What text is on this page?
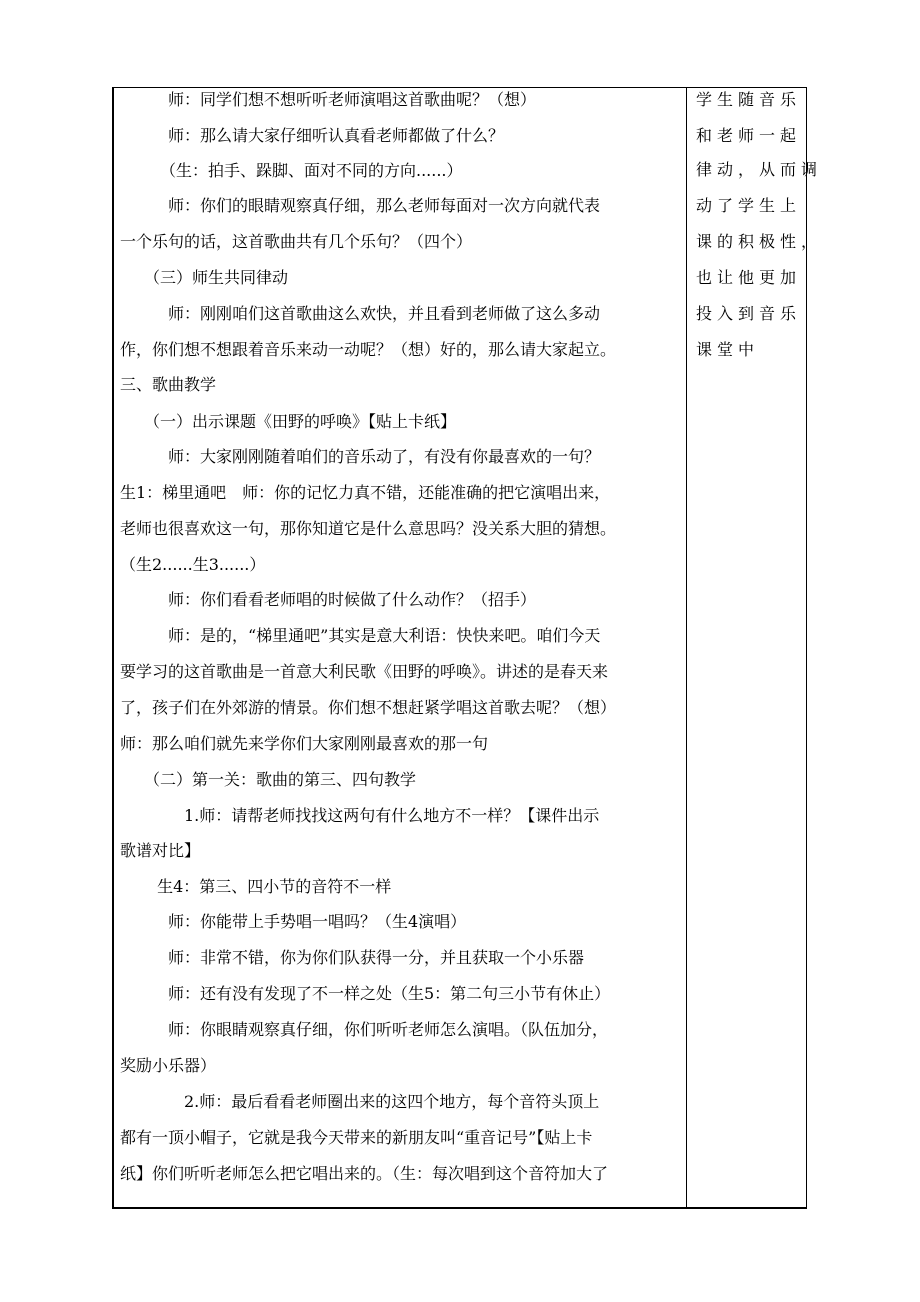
　　　师：同学们想不想听听老师演唱这首歌曲呢？（想）
　　　师：那么请大家仔细听认真看老师都做了什么？
　　　（生：拍手、跺脚、面对不同的方向......）
　　　师：你们的眼睛观察真仔细，那么老师每面对一次方向就代表
一个乐句的话，这首歌曲共有几个乐句？（四个）
　　（三）师生共同律动
　　　师：刚刚咱们这首歌曲这么欢快，并且看到老师做了这么多动
作，你们想不想跟着音乐来动一动呢？（想）好的，那么请大家起立。
三、歌曲教学
　　（一）出示课题《田野的呼唤》【贴上卡纸】
　　　师：大家刚刚随着咱们的音乐动了，有没有你最喜欢的一句？
生1：梯里通吧　师：你的记忆力真不错，还能准确的把它演唱出来，
老师也很喜欢这一句，那你知道它是什么意思吗？没关系大胆的猜想。
（生2......生3......）
　　　师：你们看看老师唱的时候做了什么动作？（招手）
　　　师：是的，“梯里通吧”其实是意大利语：快快来吧。咱们今天
要学习的这首歌曲是一首意大利民歌《田野的呼唤》。讲述的是春天来
了，孩子们在外郊游的情景。你们想不想赶紧学唱这首歌去呢？（想）
师：那么咱们就先来学你们大家刚刚最喜欢的那一句
　　（二）第一关：歌曲的第三、四句教学
　　　　1.师：请帮老师找找这两句有什么地方不一样？【课件出示
歌谱对比】
　　 生4：第三、四小节的音符不一样
　　　师：你能带上手势唱一唱吗？（生4演唱）
　　　师：非常不错，你为你们队获得一分，并且获取一个小乐器
　　　师：还有没有发现了不一样之处（生5：第二句三小节有休止）
　　　师：你眼睛观察真仔细，你们听听老师怎么演唱。（队伍加分，
奖励小乐器）
　　　　2.师：最后看看老师圈出来的这四个地方，每个音符头顶上
都有一顶小帽子，它就是我今天带来的新朋友叫“重音记号”【贴上卡
纸】你们听听老师怎么把它唱出来的。（生：每次唱到这个音符加大了
学生随音乐
和老师一起
律动，从而调
动了学生上
课的积极性，
也让他更加
投入到音乐
课堂中
